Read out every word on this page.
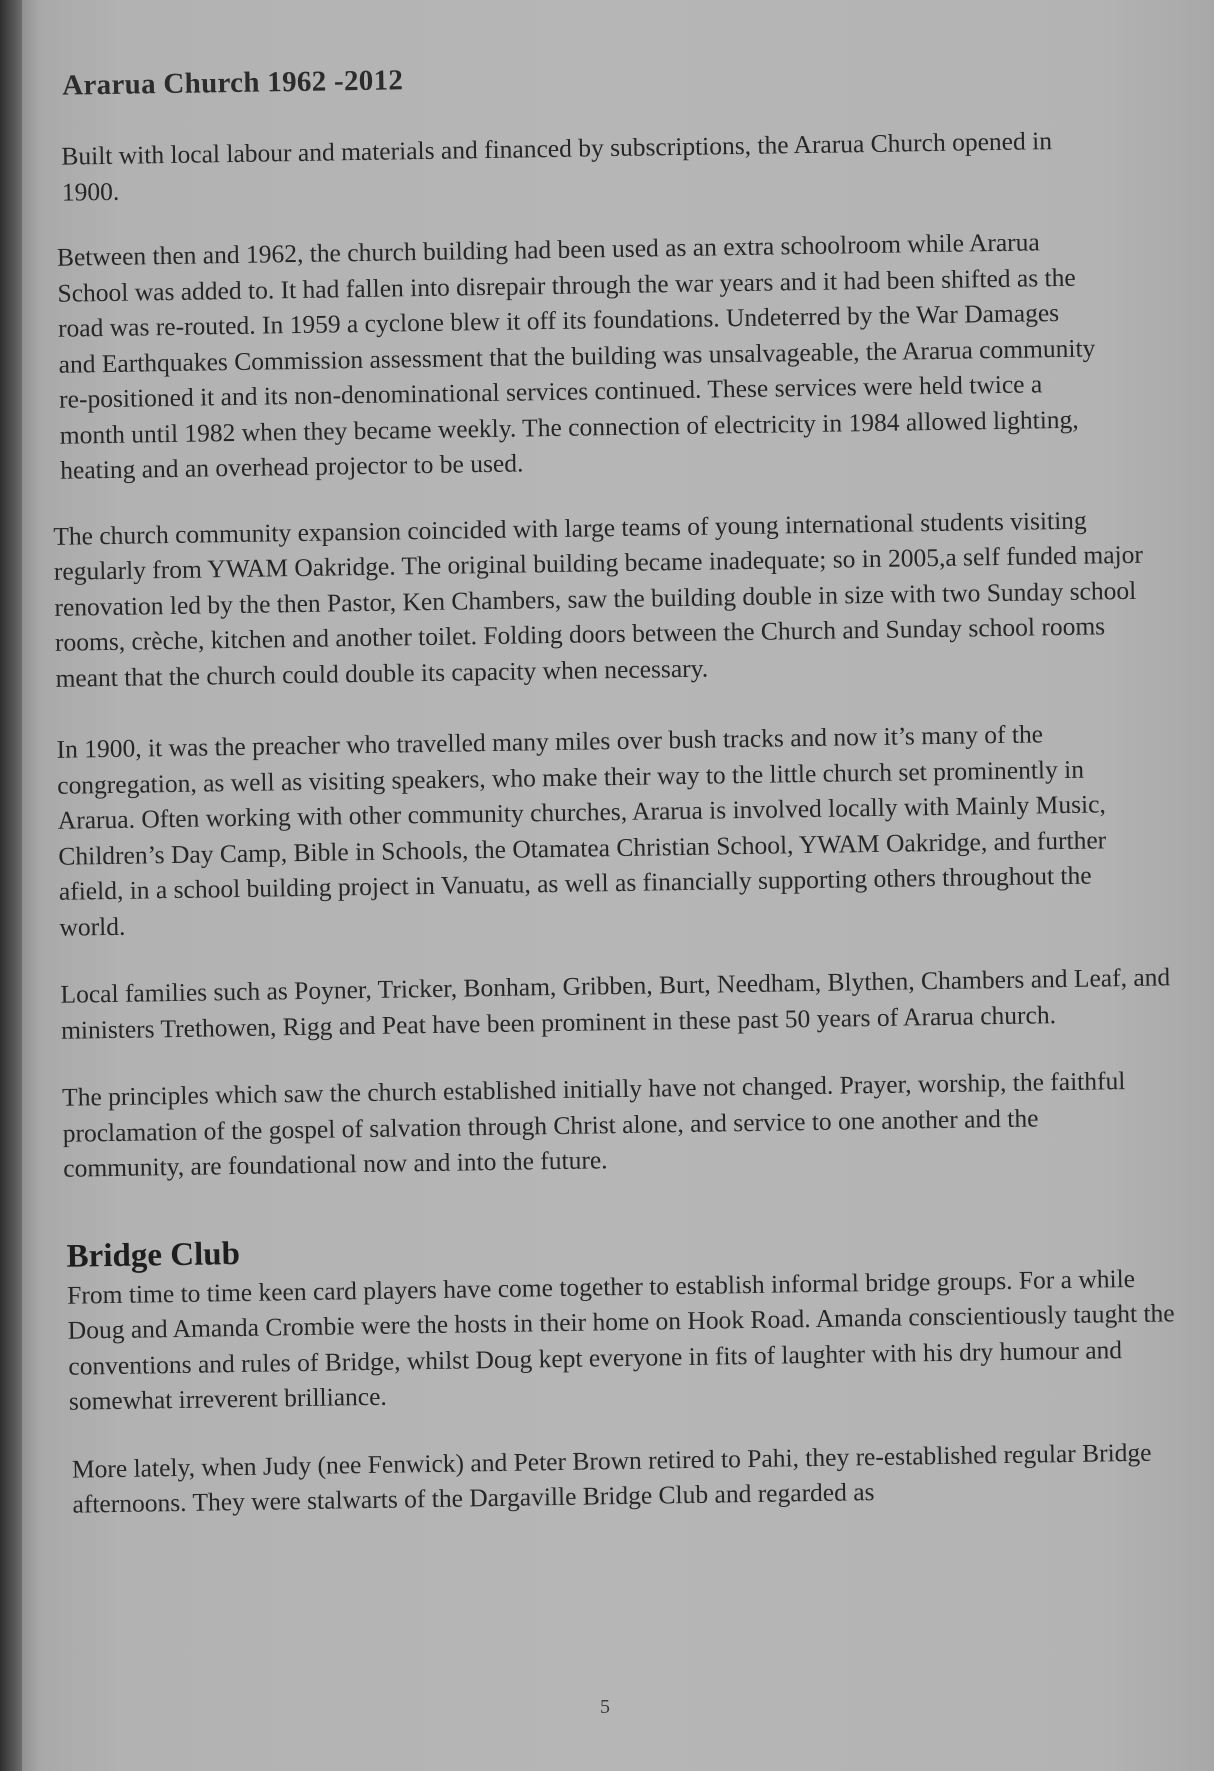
Ararua Church 1962 -2012

Built with local labour and materials and financed by subscriptions, the Ararua Church opened in 1900.

Between then and 1962, the church building had been used as an extra schoolroom while Ararua School was added to. It had fallen into disrepair through the war years and it had been shifted as the road was re-routed. In 1959 a cyclone blew it off its foundations. Undeterred by the War Damages and Earthquakes Commission assessment that the building was unsalvageable, the Ararua community re-positioned it and its non-denominational services continued. These services were held twice a month until 1982 when they became weekly. The connection of electricity in 1984 allowed lighting, heating and an overhead projector to be used.

The church community expansion coincided with large teams of young international students visiting regularly from YWAM Oakridge. The original building became inadequate; so in 2005,a self funded major renovation led by the then Pastor, Ken Chambers, saw the building double in size with two Sunday school rooms, crèche, kitchen and another toilet. Folding doors between the Church and Sunday school rooms meant that the church could double its capacity when necessary.

In 1900, it was the preacher who travelled many miles over bush tracks and now it’s many of the congregation, as well as visiting speakers, who make their way to the little church set prominently in Ararua. Often working with other community churches, Ararua is involved locally with Mainly Music, Children’s Day Camp, Bible in Schools, the Otamatea Christian School, YWAM Oakridge, and further afield, in a school building project in Vanuatu, as well as financially supporting others throughout the world.

Local families such as Poyner, Tricker, Bonham, Gribben, Burt, Needham, Blythen, Chambers and Leaf, and ministers Trethowen, Rigg and Peat have been prominent in these past 50 years of Ararua church.

The principles which saw the church established initially have not changed. Prayer, worship, the faithful proclamation of the gospel of salvation through Christ alone, and service to one another and the community, are foundational now and into the future.

Bridge Club

From time to time keen card players have come together to establish informal bridge groups. For a while Doug and Amanda Crombie were the hosts in their home on Hook Road. Amanda conscientiously taught the conventions and rules of Bridge, whilst Doug kept everyone in fits of laughter with his dry humour and somewhat irreverent brilliance.

More lately, when Judy (nee Fenwick) and Peter Brown retired to Pahi, they re-established regular Bridge afternoons. They were stalwarts of the Dargaville Bridge Club and regarded as

5
